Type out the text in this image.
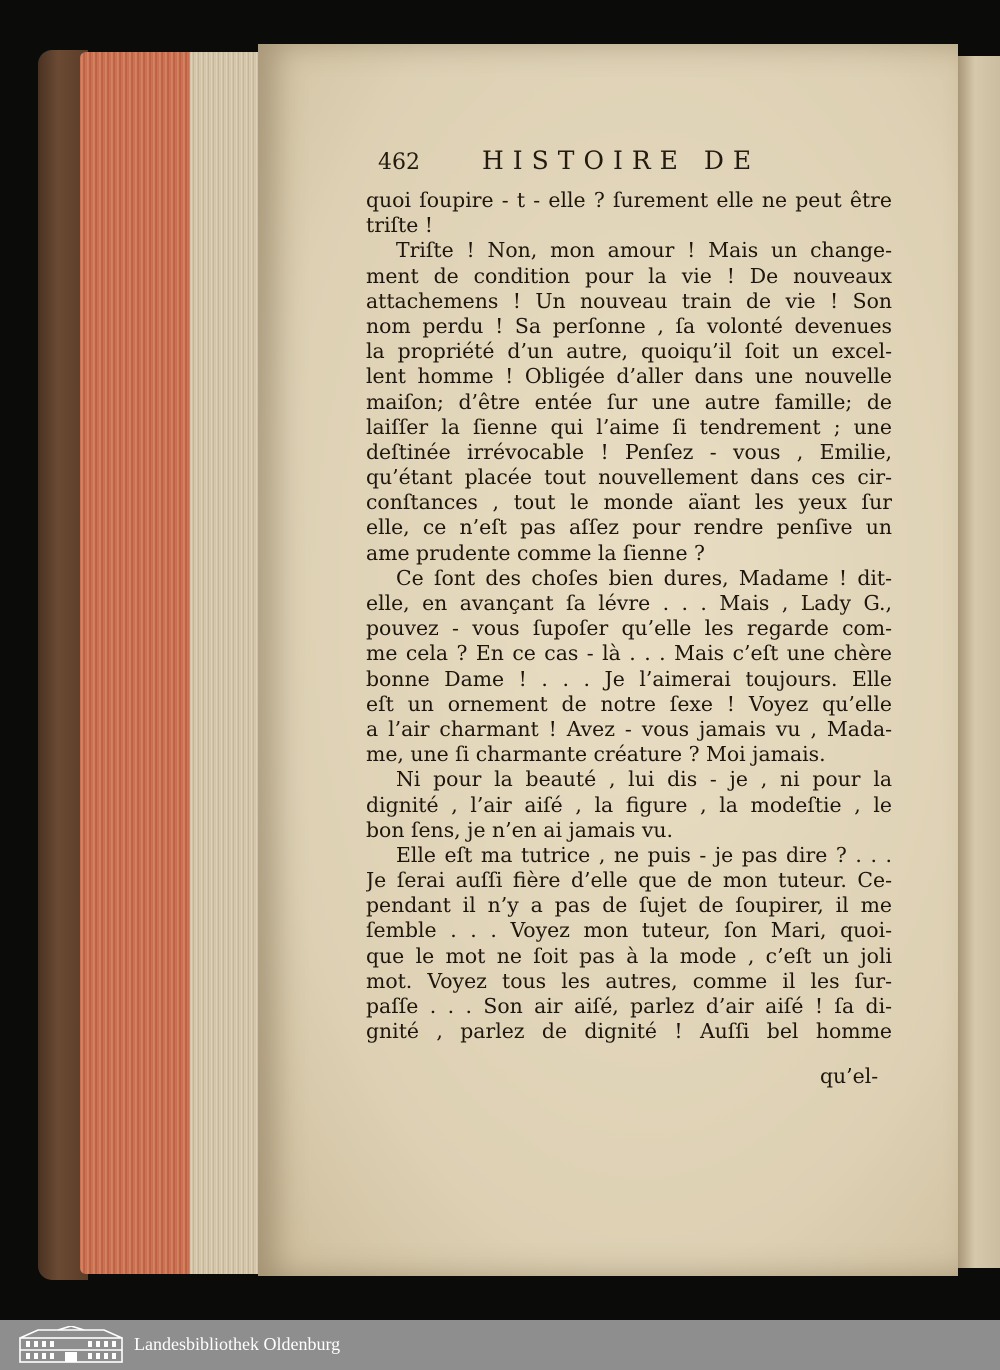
462 HISTOIRE DE
quoi ſoupire - t - elle ? ſurement elle ne peut être
triſte !
Triſte ! Non, mon amour ! Mais un change-
ment de condition pour la vie ! De nouveaux
attachemens ! Un nouveau train de vie ! Son
nom perdu ! Sa perſonne , ſa volonté devenues
la propriété d’un autre, quoiqu’il ſoit un excel-
lent homme ! Obligée d’aller dans une nouvelle
maiſon; d’être entée ſur une autre famille; de
laiſſer la ſienne qui l’aime ſi tendrement ; une
deſtinée irrévocable ! Penſez - vous , Emilie,
qu’étant placée tout nouvellement dans ces cir-
conſtances , tout le monde aïant les yeux ſur
elle, ce n’eſt pas aſſez pour rendre penſive un
ame prudente comme la ſienne ?
Ce ſont des choſes bien dures, Madame ! dit-
elle, en avançant ſa lévre . . . Mais , Lady G.,
pouvez - vous ſupoſer qu’elle les regarde com-
me cela ? En ce cas - là . . . Mais c’eſt une chère
bonne Dame ! . . . Je l’aimerai toujours. Elle
eſt un ornement de notre ſexe ! Voyez qu’elle
a l’air charmant ! Avez - vous jamais vu , Mada-
me, une ſi charmante créature ? Moi jamais.
Ni pour la beauté , lui dis - je , ni pour la
dignité , l’air aiſé , la figure , la modeſtie , le
bon ſens, je n’en ai jamais vu.
Elle eſt ma tutrice , ne puis - je pas dire ? . . .
Je ſerai auſſi fière d’elle que de mon tuteur. Ce-
pendant il n’y a pas de ſujet de ſoupirer, il me
ſemble . . . Voyez mon tuteur, ſon Mari, quoi-
que le mot ne ſoit pas à la mode , c’eſt un joli
mot. Voyez tous les autres, comme il les ſur-
paſſe . . . Son air aiſé, parlez d’air aiſé ! ſa di-
gnité , parlez de dignité ! Auſſi bel homme
qu’el-
Landesbibliothek Oldenburg
